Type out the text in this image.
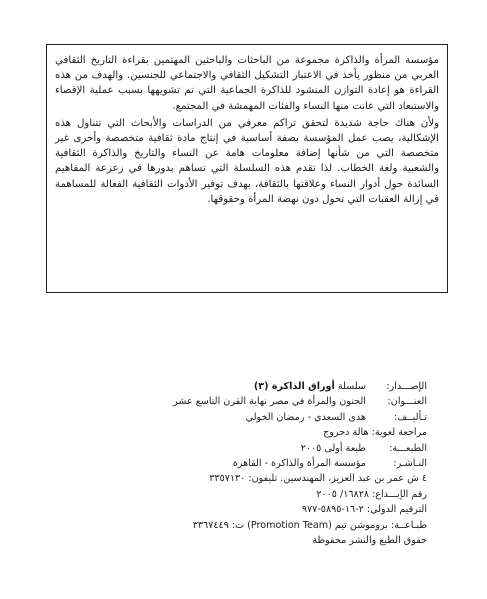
مؤسسة المرأة والذاكرة مجموعة من الباحثات والباحثين المهتمين بقراءة التاريخ الثقافي العربي من منظور يأخذ في الاعتبار التشكيل الثقافي والاجتماعي للجنسين. والهدف من هذه القراءة هو إعادة التوازن المنشود للذاكرة الجماعية التي تم تشويهها بسبب عملية الإقصاء والاستبعاد التي عانت منها النساء والفئات المهمشة في المجتمع.

ولأن هناك حاجة شديدة لتحقق تراكم معرفي من الدراسات والأبحاث التي تتناول هذه الإشكالية، يصب عمل المؤسسة بصفة أساسية في إنتاج مادة ثقافية متخصصة وأخرى غير متخصصة التي من شأنها إضافة معلومات هامة عن النساء والتاريخ والذاكرة الثقافية والشعبية ولغة الخطاب. لذا تقدم هذه السلسلة التي تساهم بدورها في زعزعة المفاهيم السائدة حول أدوار النساء وعلاقتها بالثقافة، بهدف توفير الأدوات الثقافية الفعالة للمساهمة في إزالة العقبات التي تحول دون نهضة المرأة وحقوقها.

الإصـــدار: سلسلة أوراق الذاكرة (٣)
العنـــوان: الجنون والمرأة في مصر نهاية القرن التاسع عشر
تـأليــف: هدى السعدي - رمضان الخولي
مراجعة لغوية: هالة دحروج
الطبعـــة: طبعة أولى ٢٠٠٥
النـاشـر: مؤسسة المرأة والذاكرة - القاهرة
٤ ش عمر بن عبد العزيز، المهندسين. تليفون: ٣٣٥٧١٣٠
رقم الإيـــداع: ١٦٨٢٨/ ٢٠٠٥
الترقيم الدولي: ٢-١٦-٥٨٩٥-٩٧٧
طبـاعــة: بروموشن تيم (Promotion Team) ت: ٣٣٦٧٤٤٩
حقوق الطبع والنشر محفوظة
